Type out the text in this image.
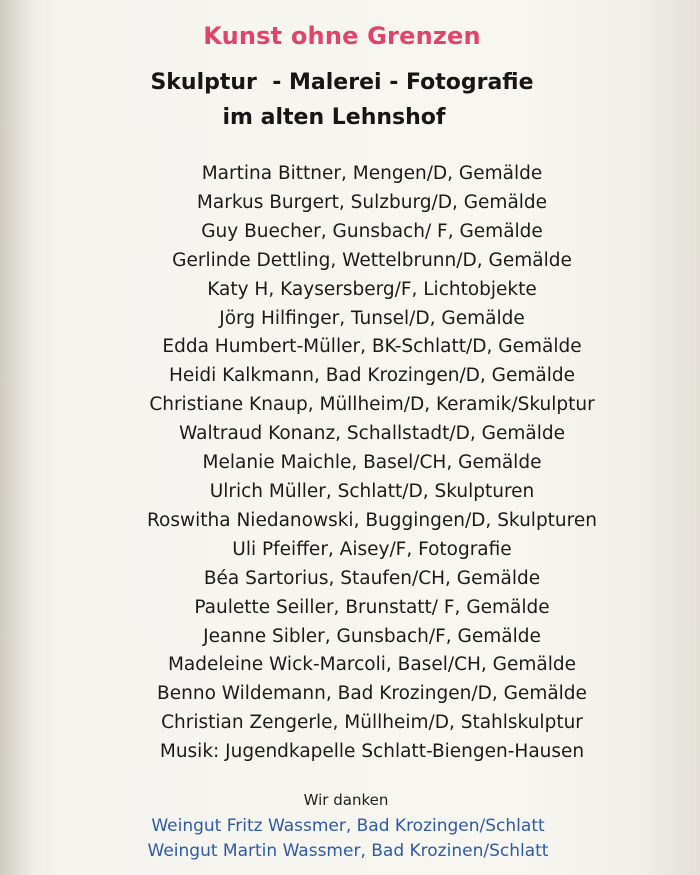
Kunst ohne Grenzen
Skulptur  - Malerei - Fotografie
im alten Lehnshof
Martina Bittner, Mengen/D, Gemälde
Markus Burgert, Sulzburg/D, Gemälde
Guy Buecher, Gunsbach/ F, Gemälde
Gerlinde Dettling, Wettelbrunn/D, Gemälde
Katy H, Kaysersberg/F, Lichtobjekte
Jörg Hilfinger, Tunsel/D, Gemälde
Edda Humbert-Müller, BK-Schlatt/D, Gemälde
Heidi Kalkmann, Bad Krozingen/D, Gemälde
Christiane Knaup, Müllheim/D, Keramik/Skulptur
Waltraud Konanz, Schallstadt/D, Gemälde
Melanie Maichle, Basel/CH, Gemälde
Ulrich Müller, Schlatt/D, Skulpturen
Roswitha Niedanowski, Buggingen/D, Skulpturen
Uli Pfeiffer, Aisey/F, Fotografie
Béa Sartorius, Staufen/CH, Gemälde
Paulette Seiller, Brunstatt/ F, Gemälde
Jeanne Sibler, Gunsbach/F, Gemälde
Madeleine Wick-Marcoli, Basel/CH, Gemälde
Benno Wildemann, Bad Krozingen/D, Gemälde
Christian Zengerle, Müllheim/D, Stahlskulptur
Musik: Jugendkapelle Schlatt-Biengen-Hausen
Wir danken
Weingut Fritz Wassmer, Bad Krozingen/Schlatt
Weingut Martin Wassmer, Bad Krozinen/Schlatt
